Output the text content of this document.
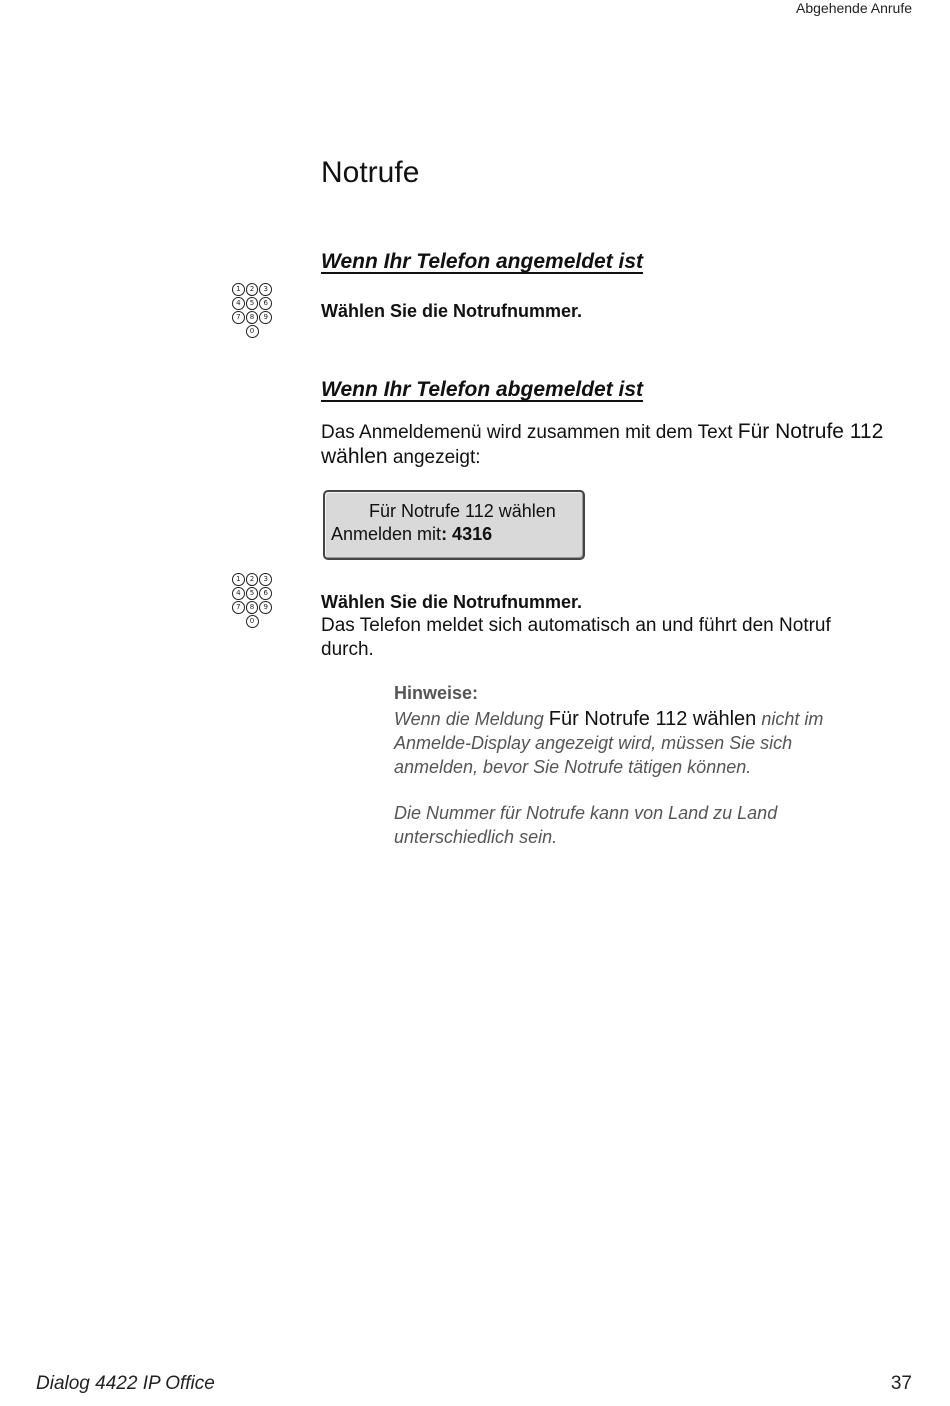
Abgehende Anrufe
Notrufe
Wenn Ihr Telefon angemeldet ist
1	2	3
4	5	6
7	8	9
0
Wählen Sie die Notrufnummer.
Wenn Ihr Telefon abgemeldet ist
Das Anmeldemenü wird zusammen mit dem Text Für Notrufe 112 wählen angezeigt:
Für Notrufe 112 wählen
Anmelden mit: 4316
1	2	3
4	5	6
7	8	9
0
Wählen Sie die Notrufnummer.
Das Telefon meldet sich automatisch an und führt den Notruf durch.
Hinweise:
Wenn die Meldung Für Notrufe 112 wählen nicht im Anmelde-Display angezeigt wird, müssen Sie sich anmelden, bevor Sie Notrufe tätigen können.
Die Nummer für Notrufe kann von Land zu Land unterschiedlich sein.
Dialog 4422 IP Office	37
